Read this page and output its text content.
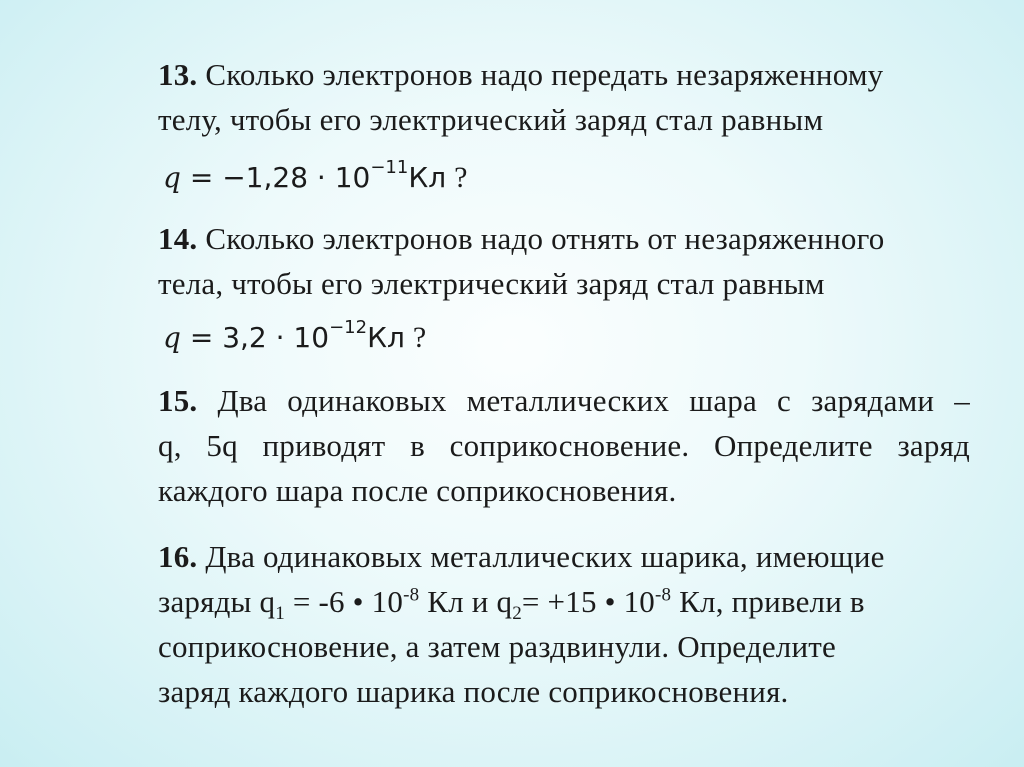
13. Сколько электронов надо передать незаряженному
телу, чтобы его электрический заряд стал равным
$q = -1,28 \cdot 10^{-11}Кл$ ?
14. Сколько электронов надо отнять от незаряженного
тела, чтобы его электрический заряд стал равным
$q = 3,2 \cdot 10^{-12}Кл$ ?
15. Два одинаковых металлических шара с зарядами –
q, 5q приводят в соприкосновение. Определите заряд
каждого шара после соприкосновения.
16. Два одинаковых металлических шарика, имеющие
заряды $q_1 = -6$ • $10^{-8}$ Кл и $q_2= +15$ • $10^{-8}$ Кл, привели в
соприкосновение, а затем раздвинули. Определите
заряд каждого шарика после соприкосновения.
